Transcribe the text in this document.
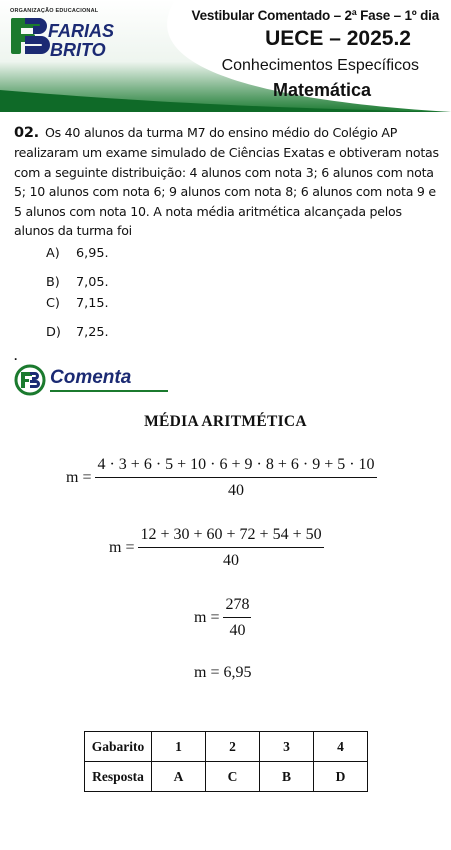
ORGANIZAÇÃO EDUCACIONAL
FARIAS
BRITO
Vestibular Comentado – 2ª Fase – 1º dia
UECE – 2025.2
Conhecimentos Específicos
Matemática
02. Os 40 alunos da turma M7 do ensino médio do Colégio AP realizaram um exame simulado de Ciências Exatas e obtiveram notas com a seguinte distribuição: 4 alunos com nota 3; 6 alunos com nota 5; 10 alunos com nota 6; 9 alunos com nota 8; 6 alunos com nota 9 e 5 alunos com nota 10. A nota média aritmética alcançada pelos alunos da turma foi
A) 6,95.
B) 7,05.
C) 7,15.
D) 7,25.
.
Comenta
MÉDIA ARITMÉTICA
$m = \frac{4 \cdot 3 + 6 \cdot 5 + 10 \cdot 6 + 9 \cdot 8 + 6 \cdot 9 + 5 \cdot 10}{40}$
$m = \frac{12 + 30 + 60 + 72 + 54 + 50}{40}$
$m = \frac{278}{40}$
m = 6,95
Gabarito	1	2	3	4
Resposta	A	C	B	D
